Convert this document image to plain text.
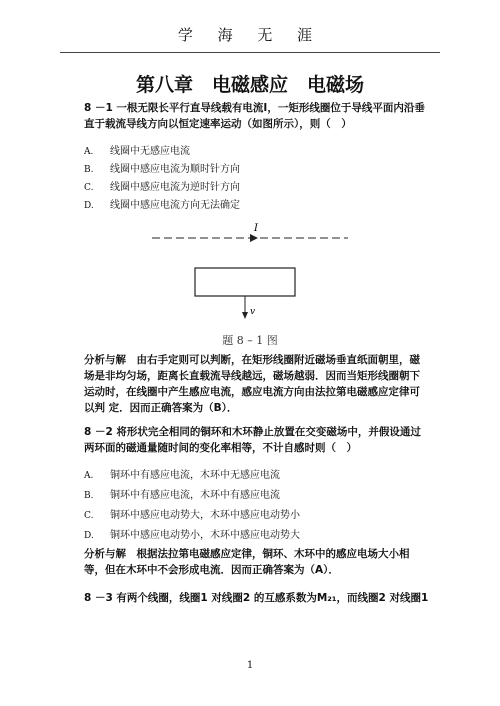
学 海 无 涯
第八章　电磁感应　电磁场
8 －1 一根无限长平行直导线载有电流I，一矩形线圈位于导线平面内沿垂 直于载流导线方向以恒定速率运动（如图所示），则（　）
A. 线圈中无感应电流
B. 线圈中感应电流为顺时针方向
C. 线圈中感应电流为逆时针方向
D. 线圈中感应电流方向无法确定
I
v
题 8 – 1 图
分析与解　由右手定则可以判断，在矩形线圈附近磁场垂直纸面朝里，磁场是非均匀场，距离长直载流导线越远，磁场越弱．因而当矩形线圈朝下运动时，在线圈中产生感应电流，感应电流方向由法拉第电磁感应定律可以判 定．因而正确答案为（B）．
8 －2 将形状完全相同的铜环和木环静止放置在交变磁场中，并假设通过 两环面的磁通量随时间的变化率相等，不计自感时则（　）
A. 铜环中有感应电流，木环中无感应电流
B. 铜环中有感应电流，木环中有感应电流
C. 铜环中感应电动势大，木环中感应电动势小
D. 铜环中感应电动势小，木环中感应电动势大
分析与解　根据法拉第电磁感应定律，铜环、木环中的感应电场大小相等，但在木环中不会形成电流．因而正确答案为（A）．
8 －3 有两个线圈，线圈1 对线圈2 的互感系数为M₂₁，而线圈2 对线圈1
1
